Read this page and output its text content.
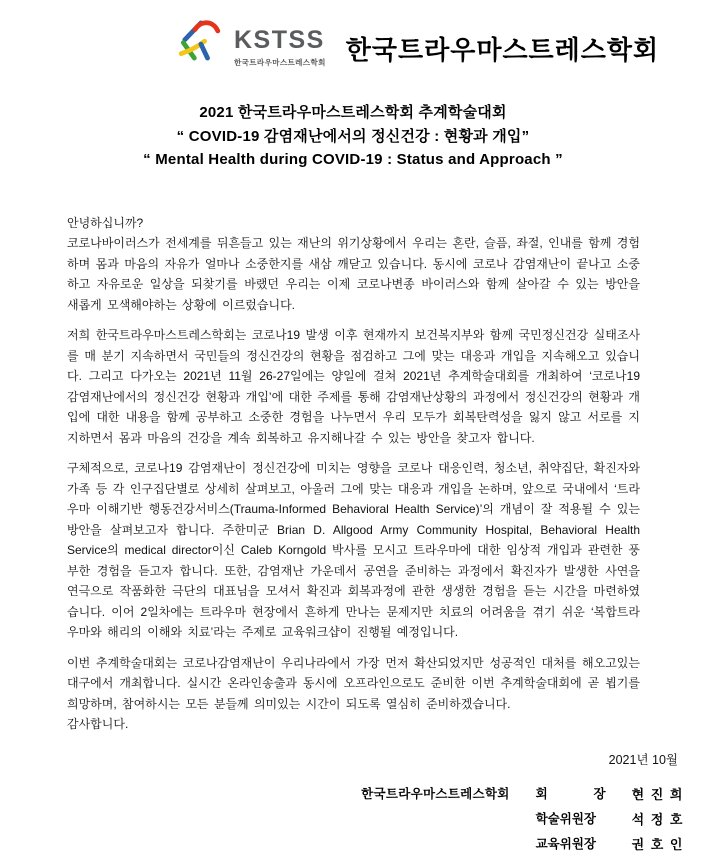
KSTSS
한국트라우마스트레스학회 한국트라우마스트레스학회
2021 한국트라우마스트레스학회 추계학술대회
“ COVID-19 감염재난에서의 정신건강 : 현황과 개입”
“ Mental Health during COVID-19 : Status and Approach ”
안녕하십니까?

코로나바이러스가 전세계를 뒤흔들고 있는 재난의 위기상황에서 우리는 혼란, 슬픔, 좌절, 인내를 함께 경험하며 몸과 마음의 자유가 얼마나 소중한지를 새삼 깨닫고 있습니다. 동시에 코로나 감염재난이 끝나고 소중하고 자유로운 일상을 되찾기를 바랬던 우리는 이제 코로나변종 바이러스와 함께 살아갈 수 있는 방안을 새롭게 모색해야하는 상황에 이르렀습니다.

저희 한국트라우마스트레스학회는 코로나19 발생 이후 현재까지 보건복지부와 함께 국민정신건강 실태조사를 매 분기 지속하면서 국민들의 정신건강의 현황을 점검하고 그에 맞는 대응과 개입을 지속해오고 있습니다. 그리고 다가오는 2021년 11월 26-27일에는 양일에 걸쳐 2021년 추계학술대회를 개최하여 ‘코로나19 감염재난에서의 정신건강 현황과 개입’에 대한 주제를 통해 감염재난상황의 과정에서 정신건강의 현황과 개입에 대한 내용을 함께 공부하고 소중한 경험을 나누면서 우리 모두가 회복탄력성을 잃지 않고 서로를 지지하면서 몸과 마음의 건강을 계속 회복하고 유지해나갈 수 있는 방안을 찾고자 합니다.

구체적으로, 코로나19 감염재난이 정신건강에 미치는 영향을 코로나 대응인력, 청소년, 취약집단, 확진자와 가족 등 각 인구집단별로 상세히 살펴보고, 아울러 그에 맞는 대응과 개입을 논하며, 앞으로 국내에서 ‘트라우마 이해기반 행동건강서비스(Trauma-Informed Behavioral Health Service)’의 개념이 잘 적용될 수 있는 방안을 살펴보고자 합니다. 주한미군 Brian D. Allgood Army Community Hospital, Behavioral Health Service의 medical director이신 Caleb Korngold 박사를 모시고 트라우마에 대한 임상적 개입과 관련한 풍부한 경험을 듣고자 합니다. 또한, 감염재난 가운데서 공연을 준비하는 과정에서 확진자가 발생한 사연을 연극으로 작품화한 극단의 대표님을 모셔서 확진과 회복과정에 관한 생생한 경험을 듣는 시간을 마련하였습니다. 이어 2일차에는 트라우마 현장에서 흔하게 만나는 문제지만 치료의 어려움을 겪기 쉬운 ‘복합트라우마와 해리의 이해와 치료’라는 주제로 교육워크샵이 진행될 예정입니다.

이번 추계학술대회는 코로나감염재난이 우리나라에서 가장 먼저 확산되었지만 성공적인 대처를 해오고있는 대구에서 개최합니다. 실시간 온라인송출과 동시에 오프라인으로도 준비한 이번 추계학술대회에 곧 뵙기를 희망하며, 참여하시는 모든 분들께 의미있는 시간이 되도록 열심히 준비하겠습니다.

감사합니다.
2021년 10월
한국트라우마스트레스학회 회 장 현 진 희
학술위원장	석 정 호
교육위원장	권 호 인
